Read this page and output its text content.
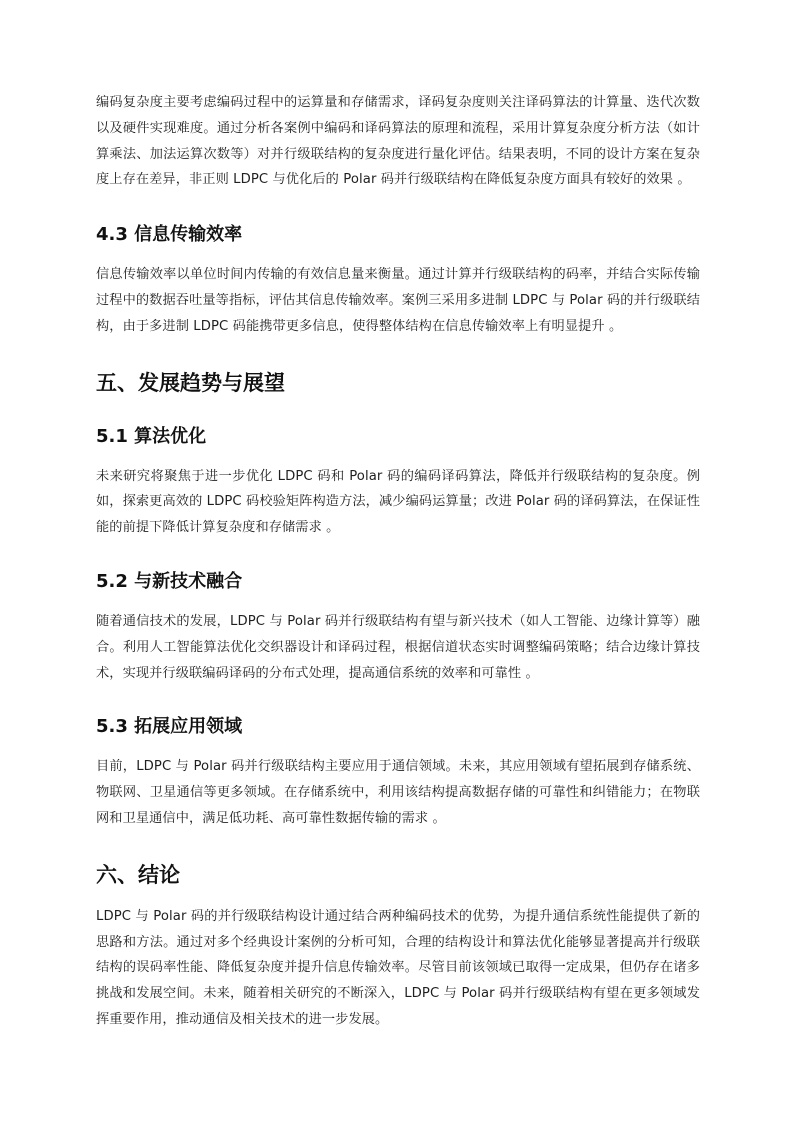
编码复杂度主要考虑编码过程中的运算量和存储需求，译码复杂度则关注译码算法的计算量、迭代次数以及硬件实现难度。通过分析各案例中编码和译码算法的原理和流程，采用计算复杂度分析方法（如计算乘法、加法运算次数等）对并行级联结构的复杂度进行量化评估。结果表明，不同的设计方案在复杂度上存在差异，非正则 LDPC 与优化后的 Polar 码并行级联结构在降低复杂度方面具有较好的效果 。

4.3 信息传输效率

信息传输效率以单位时间内传输的有效信息量来衡量。通过计算并行级联结构的码率，并结合实际传输过程中的数据吞吐量等指标，评估其信息传输效率。案例三采用多进制 LDPC 与 Polar 码的并行级联结构，由于多进制 LDPC 码能携带更多信息，使得整体结构在信息传输效率上有明显提升 。

五、发展趋势与展望
5.1 算法优化

未来研究将聚焦于进一步优化 LDPC 码和 Polar 码的编码译码算法，降低并行级联结构的复杂度。例如，探索更高效的 LDPC 码校验矩阵构造方法，减少编码运算量；改进 Polar 码的译码算法，在保证性能的前提下降低计算复杂度和存储需求 。

5.2 与新技术融合

随着通信技术的发展，LDPC 与 Polar 码并行级联结构有望与新兴技术（如人工智能、边缘计算等）融合。利用人工智能算法优化交织器设计和译码过程，根据信道状态实时调整编码策略；结合边缘计算技术，实现并行级联编码译码的分布式处理，提高通信系统的效率和可靠性 。

5.3 拓展应用领域

目前，LDPC 与 Polar 码并行级联结构主要应用于通信领域。未来，其应用领域有望拓展到存储系统、物联网、卫星通信等更多领域。在存储系统中，利用该结构提高数据存储的可靠性和纠错能力；在物联网和卫星通信中，满足低功耗、高可靠性数据传输的需求 。

六、结论

LDPC 与 Polar 码的并行级联结构设计通过结合两种编码技术的优势，为提升通信系统性能提供了新的思路和方法。通过对多个经典设计案例的分析可知，合理的结构设计和算法优化能够显著提高并行级联结构的误码率性能、降低复杂度并提升信息传输效率。尽管目前该领域已取得一定成果，但仍存在诸多挑战和发展空间。未来，随着相关研究的不断深入，LDPC 与 Polar 码并行级联结构有望在更多领域发挥重要作用，推动通信及相关技术的进一步发展。
